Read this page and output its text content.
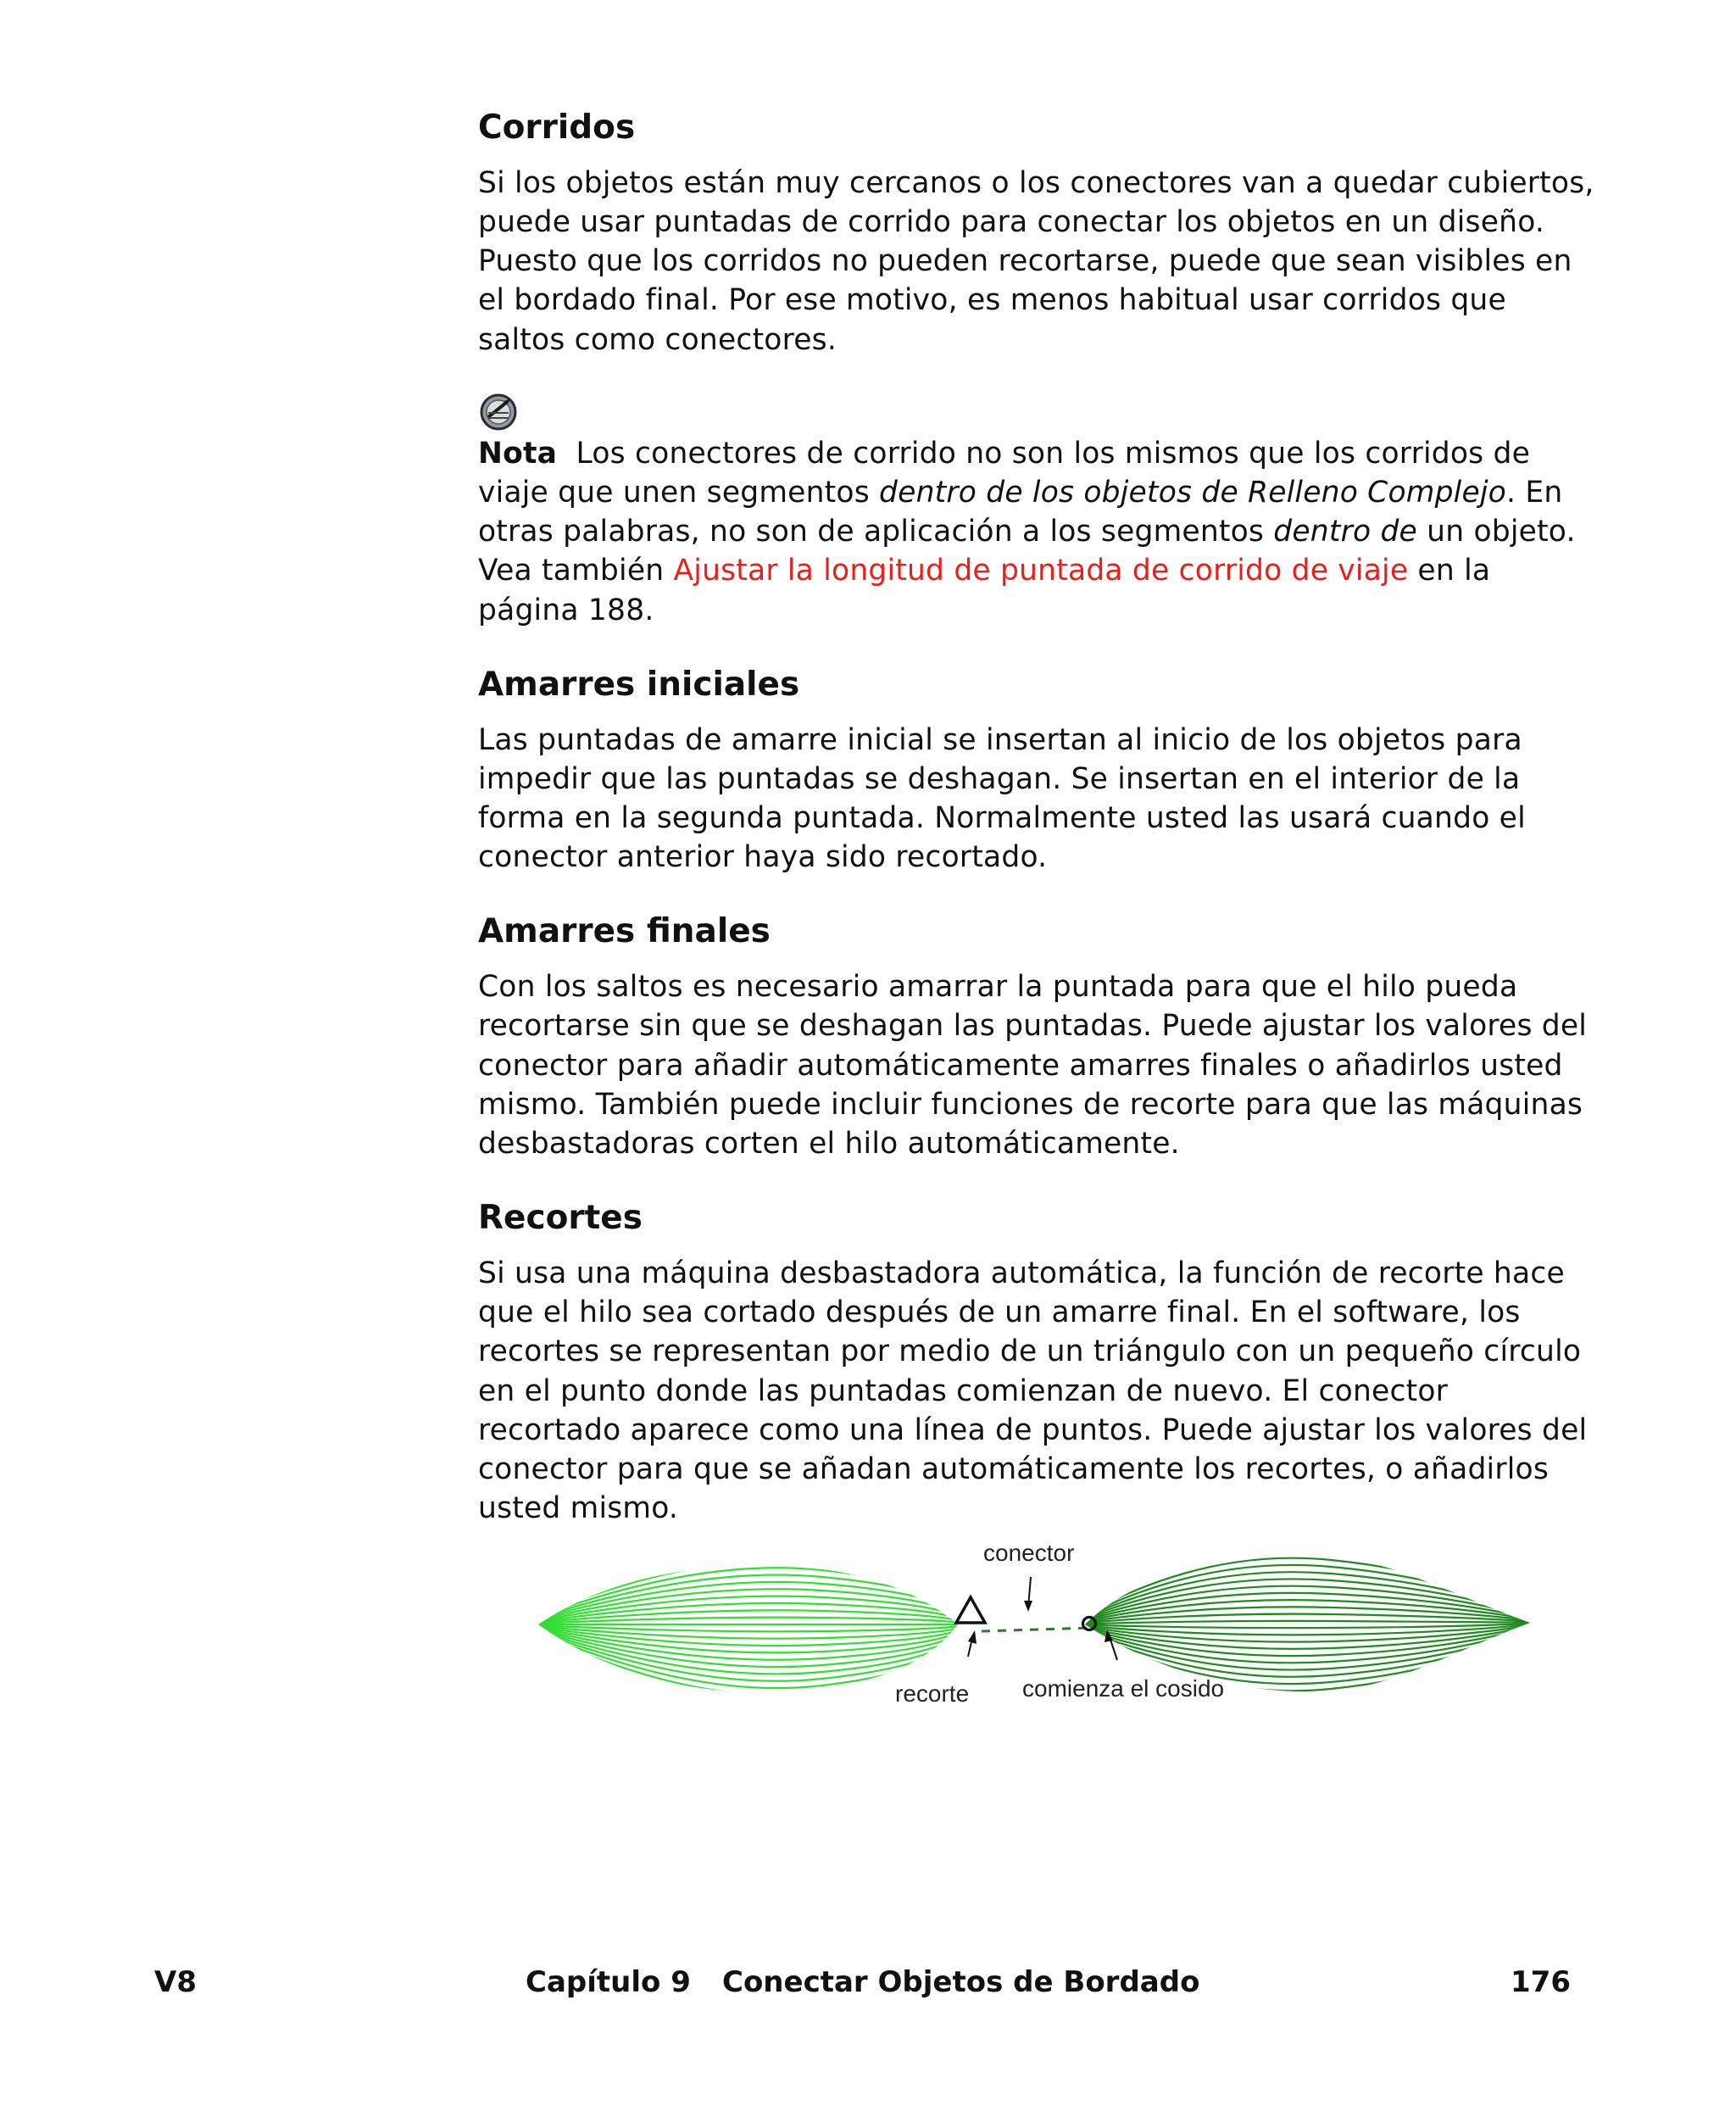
Corridos

Si los objetos están muy cercanos o los conectores van a quedar cubiertos, puede usar puntadas de corrido para conectar los objetos en un diseño. Puesto que los corridos no pueden recortarse, puede que sean visibles en el bordado final. Por ese motivo, es menos habitual usar corridos que saltos como conectores.

Nota Los conectores de corrido no son los mismos que los corridos de viaje que unen segmentos dentro de los objetos de Relleno Complejo. En otras palabras, no son de aplicación a los segmentos dentro de un objeto. Vea también Ajustar la longitud de puntada de corrido de viaje en la página 188.

Amarres iniciales

Las puntadas de amarre inicial se insertan al inicio de los objetos para impedir que las puntadas se deshagan. Se insertan en el interior de la forma en la segunda puntada. Normalmente usted las usará cuando el conector anterior haya sido recortado.

Amarres finales

Con los saltos es necesario amarrar la puntada para que el hilo pueda recortarse sin que se deshagan las puntadas. Puede ajustar los valores del conector para añadir automáticamente amarres finales o añadirlos usted mismo. También puede incluir funciones de recorte para que las máquinas desbastadoras corten el hilo automáticamente.

Recortes

Si usa una máquina desbastadora automática, la función de recorte hace que el hilo sea cortado después de un amarre final. En el software, los recortes se representan por medio de un triángulo con un pequeño círculo en el punto donde las puntadas comienzan de nuevo. El conector recortado aparece como una línea de puntos. Puede ajustar los valores del conector para que se añadan automáticamente los recortes, o añadirlos usted mismo.

conector
recorte comienza el cosido
V8	Capítulo 9 Conectar Objetos de Bordado	176
